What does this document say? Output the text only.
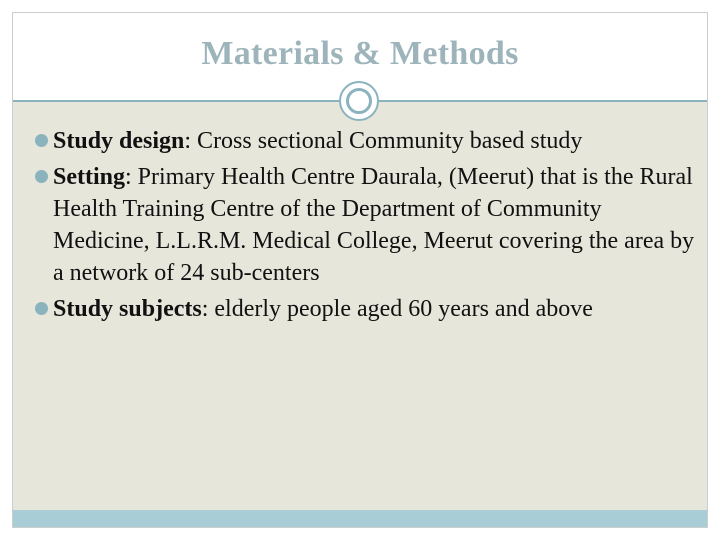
Materials & Methods
Study design: Cross sectional Community based study
Setting: Primary Health Centre Daurala, (Meerut) that is the Rural Health Training Centre of the Department of Community Medicine, L.L.R.M. Medical College, Meerut covering the area by a network of 24 sub-centers
Study subjects: elderly people aged 60 years and above
